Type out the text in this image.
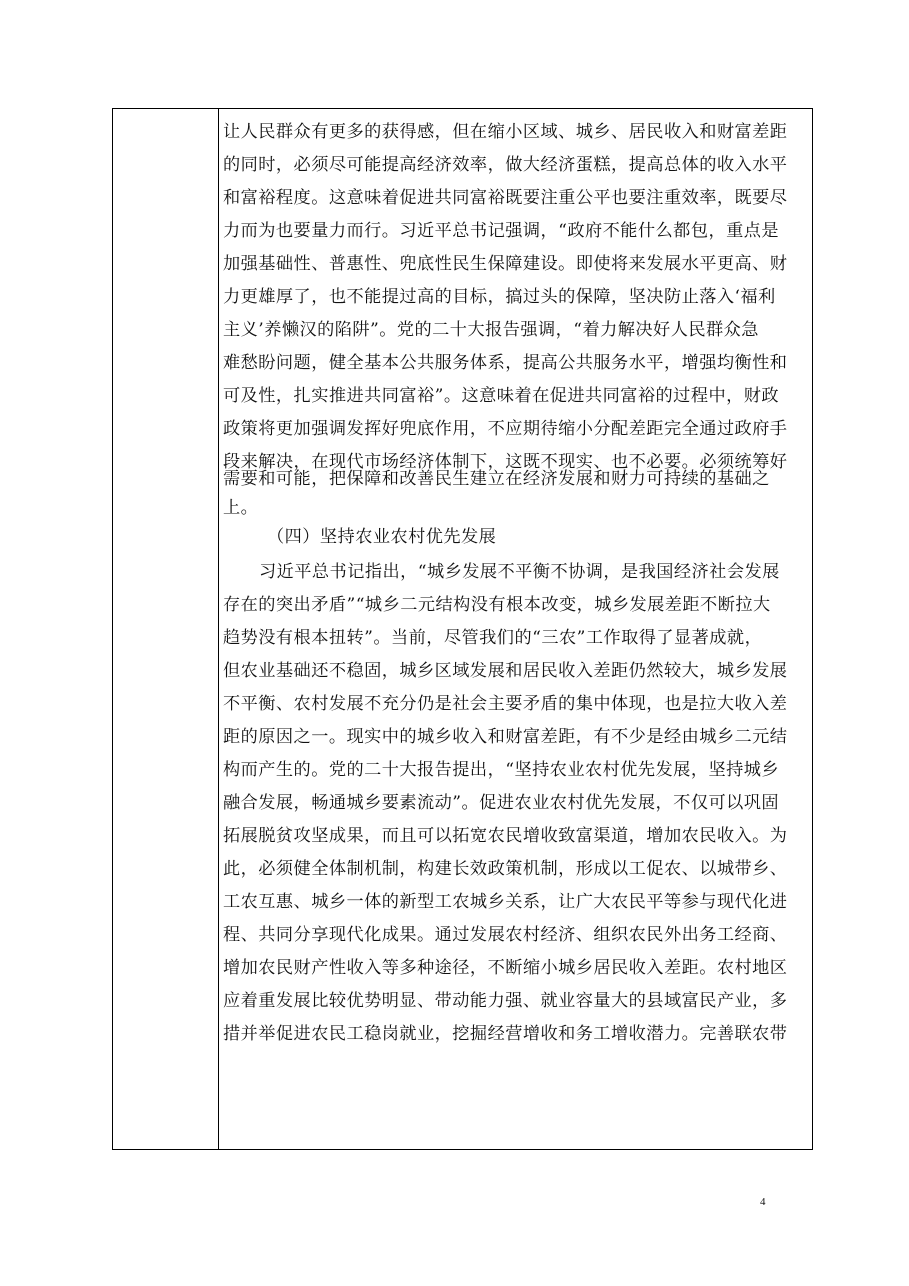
让人民群众有更多的获得感，但在缩小区域、城乡、居民收入和财富差距
的同时，必须尽可能提高经济效率，做大经济蛋糕，提高总体的收入水平
和富裕程度。这意味着促进共同富裕既要注重公平也要注重效率，既要尽
力而为也要量力而行。习近平总书记强调，“政府不能什么都包，重点是
加强基础性、普惠性、兜底性民生保障建设。即使将来发展水平更高、财
力更雄厚了，也不能提过高的目标，搞过头的保障，坚决防止落入‘福利
主义’养懒汉的陷阱”。党的二十大报告强调，“着力解决好人民群众急
难愁盼问题，健全基本公共服务体系，提高公共服务水平，增强均衡性和
可及性，扎实推进共同富裕”。这意味着在促进共同富裕的过程中，财政
政策将更加强调发挥好兜底作用，不应期待缩小分配差距完全通过政府手
段来解决，在现代市场经济体制下，这既不现实、也不必要。必须统筹好
需要和可能，把保障和改善民生建立在经济发展和财力可持续的基础之
上。
（四）坚持农业农村优先发展
习近平总书记指出，“城乡发展不平衡不协调，是我国经济社会发展
存在的突出矛盾”“城乡二元结构没有根本改变，城乡发展差距不断拉大
趋势没有根本扭转”。当前，尽管我们的“三农”工作取得了显著成就，
但农业基础还不稳固，城乡区域发展和居民收入差距仍然较大，城乡发展
不平衡、农村发展不充分仍是社会主要矛盾的集中体现，也是拉大收入差
距的原因之一。现实中的城乡收入和财富差距，有不少是经由城乡二元结
构而产生的。党的二十大报告提出，“坚持农业农村优先发展，坚持城乡
融合发展，畅通城乡要素流动”。促进农业农村优先发展，不仅可以巩固
拓展脱贫攻坚成果，而且可以拓宽农民增收致富渠道，增加农民收入。为
此，必须健全体制机制，构建长效政策机制，形成以工促农、以城带乡、
工农互惠、城乡一体的新型工农城乡关系，让广大农民平等参与现代化进
程、共同分享现代化成果。通过发展农村经济、组织农民外出务工经商、
增加农民财产性收入等多种途径，不断缩小城乡居民收入差距。农村地区
应着重发展比较优势明显、带动能力强、就业容量大的县域富民产业，多
措并举促进农民工稳岗就业，挖掘经营增收和务工增收潜力。完善联农带
4
